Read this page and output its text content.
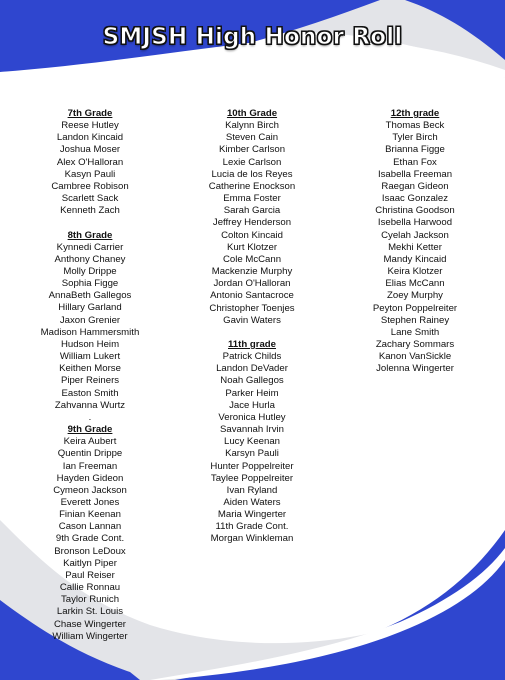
SMJSH High Honor Roll
7th Grade
Reese Hutley
Landon Kincaid
Joshua Moser
Alex O'Halloran
Kasyn Pauli
Cambree Robison
Scarlett Sack
Kenneth Zach
8th Grade
Kynnedi Carrier
Anthony Chaney
Molly Drippe
Sophia Figge
AnnaBeth Gallegos
Hillary Garland
Jaxon Grenier
Madison Hammersmith
Hudson Heim
William Lukert
Keithen Morse
Piper Reiners
Easton Smith
Zahvanna Wurtz
.
9th Grade
Keira Aubert
Quentin Drippe
Ian Freeman
Hayden Gideon
Cymeon Jackson
Everett Jones
Finian Keenan
Cason Lannan
9th Grade Cont.
Bronson LeDoux
Kaitlyn Piper
Paul Reiser
Callie Ronnau
Taylor Runich
Larkin St. Louis
Chase Wingerter
William Wingerter
10th Grade
Kalynn Birch
Steven Cain
Kimber Carlson
Lexie Carlson
Lucia de los Reyes
Catherine Enockson
Emma Foster
Sarah Garcia
Jeffrey Henderson
Colton Kincaid
Kurt Klotzer
Cole McCann
Mackenzie Murphy
Jordan O'Halloran
Antonio Santacroce
Christopher Toenjes
Gavin Waters
11th grade
Patrick Childs
Landon DeVader
Noah Gallegos
Parker Heim
Jace Hurla
Veronica Hutley
Savannah Irvin
Lucy Keenan
Karsyn Pauli
Hunter Poppelreiter
Taylee Poppelreiter
Ivan Ryland
Aiden Waters
Maria Wingerter
11th Grade Cont.
Morgan Winkleman
12th grade
Thomas Beck
Tyler Birch
Brianna Figge
Ethan Fox
Isabella Freeman
Raegan Gideon
Isaac Gonzalez
Christina Goodson
Isebella Harwood
Cyelah Jackson
Mekhi Ketter
Mandy Kincaid
Keira Klotzer
Elias McCann
Zoey Murphy
Peyton Poppelreiter
Stephen Rainey
Lane Smith
Zachary Sommars
Kanon VanSickle
Jolenna Wingerter
